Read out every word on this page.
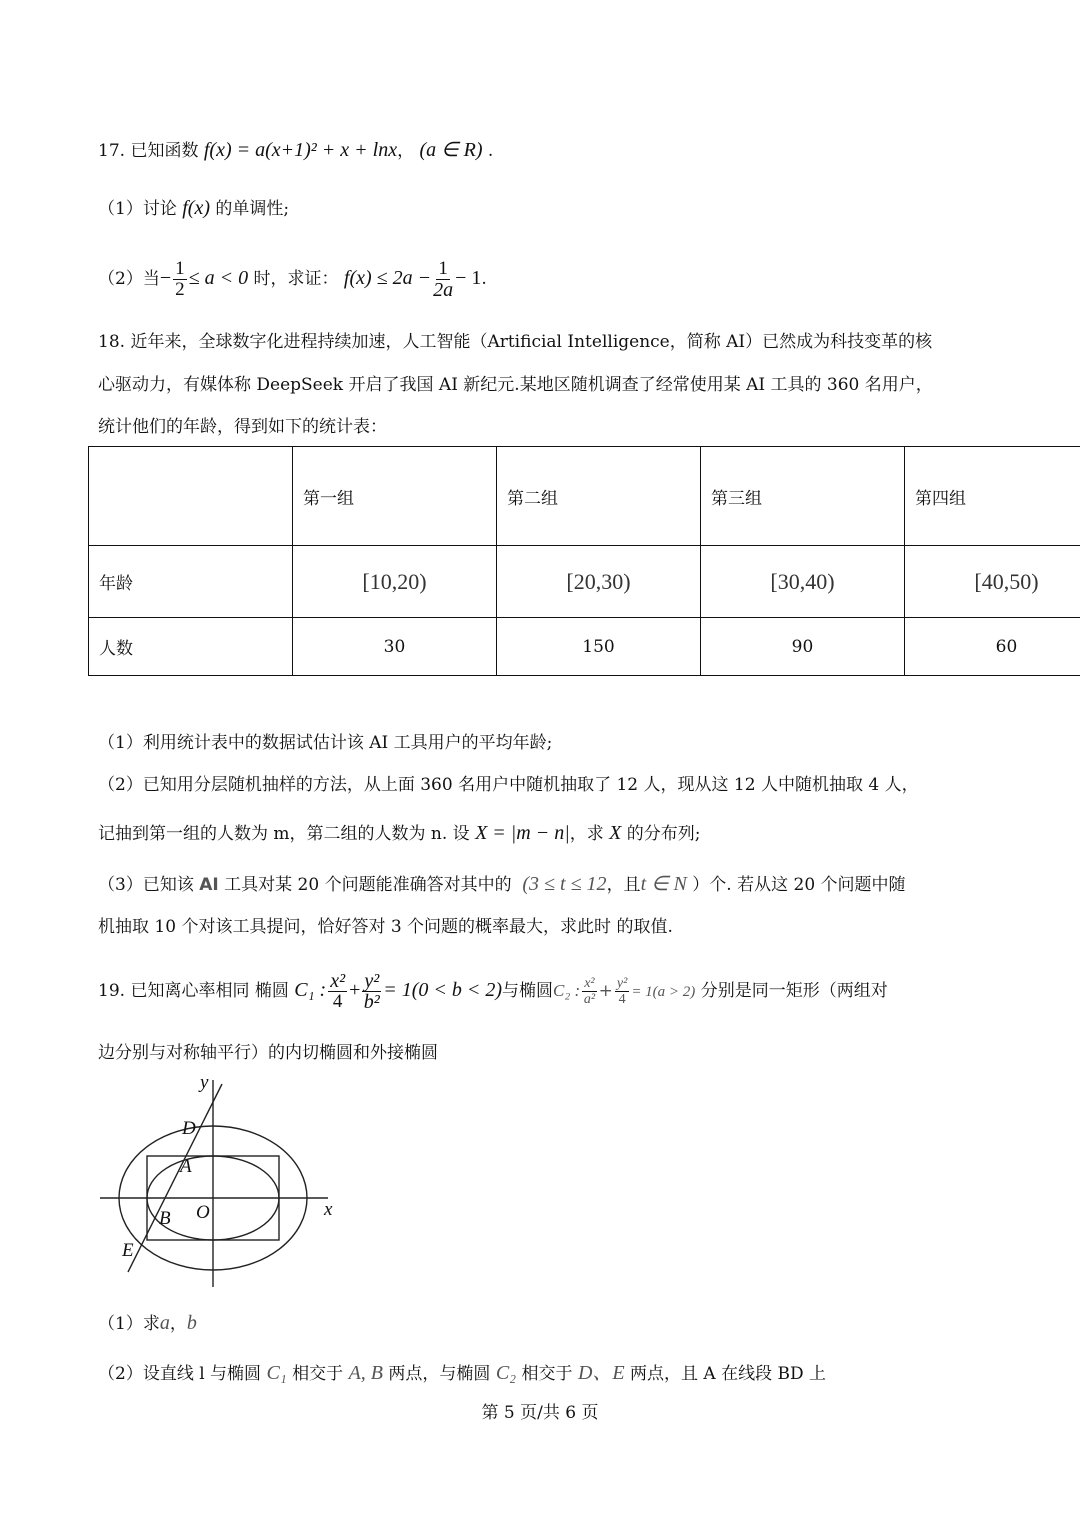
17. 已知函数 f(x) = a(x+1)² + x + lnx， (a ∈ R) .
（1）讨论 f(x) 的单调性;
（2）当− $\frac{1}{2} \le a < 0$ 时，求证： $f(x) \le 2a - \frac{1}{2a} - 1$.
18. 近年来，全球数字化进程持续加速，人工智能（Artificial Intelligence，简称 AI）已然成为科技变革的核
心驱动力，有媒体称 DeepSeek 开启了我国 AI 新纪元.某地区随机调查了经常使用某 AI 工具的 360 名用户，
统计他们的年龄，得到如下的统计表：
	第一组	第二组	第三组	第四组
年龄	[10,20)	[20,30)	[30,40)	[40,50)
人数	30	150	90	60
（1）利用统计表中的数据试估计该 AI 工具用户的平均年龄;
（2）已知用分层随机抽样的方法，从上面 360 名用户中随机抽取了 12 人，现从这 12 人中随机抽取 4 人，
记抽到第一组的人数为 m，第二组的人数为 n. 设 X = |m − n|，求 X 的分布列;
（3）已知该 AI 工具对某 20 个问题能准确答对其中的 (3 ≤ t ≤ 12，且t ∈ N ）个. 若从这 20 个问题中随
机抽取 10 个对该工具提问，恰好答对 3 个问题的概率最大，求此时 的取值.
19. 已知离心率相同 椭圆 C₁ : $\frac{\text{x²}}{4} + \frac{\text{y²}}{\text{b²}} = 1(0 < b < 2)$与椭圆C₂ : $\frac{\text{x²}}{\text{a²}} + \frac{\text{y²}}{4} = 1(a > 2)$ 分别是同一矩形（两组对
边分别与对称轴平行）的内切椭圆和外接椭圆
y
x
O
A
B
D
E
（1）求a，b
（2）设直线 l 与椭圆 C₁ 相交于 A, B 两点，与椭圆 C₂ 相交于 D、E 两点，且 A 在线段 BD 上
第 5 页/共 6 页
